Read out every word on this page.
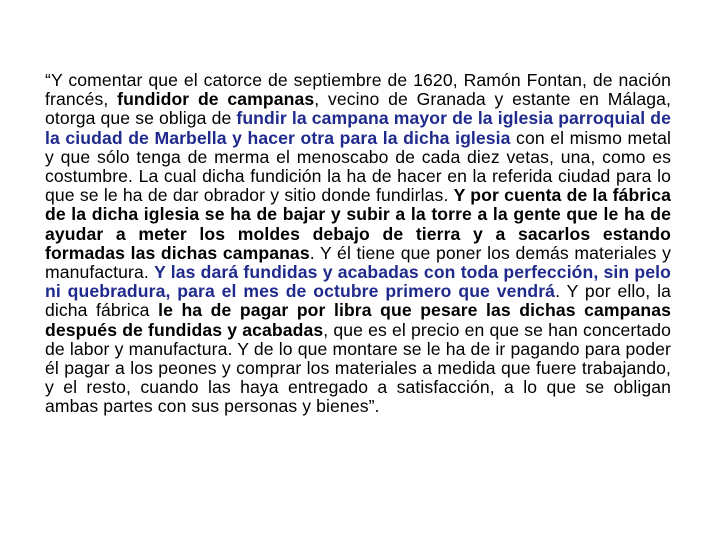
“Y comentar que el catorce de septiembre de 1620, Ramón Fontan, de nación francés, fundidor de campanas, vecino de Granada y estante en Málaga, otorga que se obliga de fundir la campana mayor de la iglesia parroquial de la ciudad de Marbella y hacer otra para la dicha iglesia con el mismo metal y que sólo tenga de merma el menoscabo de cada diez vetas, una, como es costumbre. La cual dicha fundición la ha de hacer en la referida ciudad para lo que se le ha de dar obrador y sitio donde fundirlas. Y por cuenta de la fábrica de la dicha iglesia se ha de bajar y subir a la torre a la gente que le ha de ayudar a meter los moldes debajo de tierra y a sacarlos estando formadas las dichas campanas. Y él tiene que poner los demás materiales y manufactura. Y las dará fundidas y acabadas con toda perfección, sin pelo ni quebradura, para el mes de octubre primero que vendrá. Y por ello, la dicha fábrica le ha de pagar por libra que pesare las dichas campanas después de fundidas y acabadas, que es el precio en que se han concertado de labor y manufactura. Y de lo que montare se le ha de ir pagando para poder él pagar a los peones y comprar los materiales a medida que fuere trabajando, y el resto, cuando las haya entregado a satisfacción, a lo que se obligan ambas partes con sus personas y bienes”.
